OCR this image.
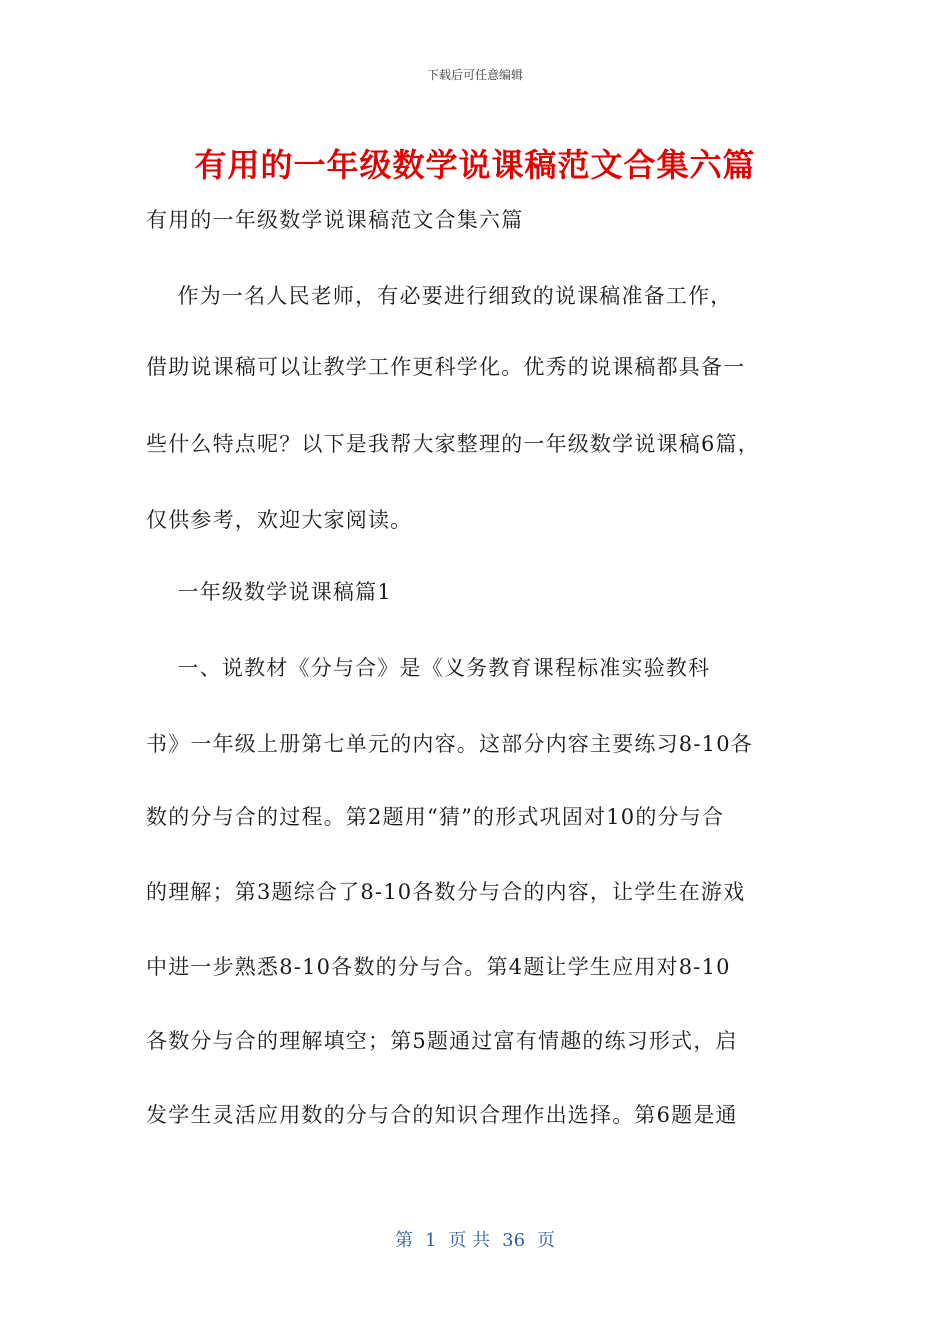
下载后可任意编辑
有用的一年级数学说课稿范文合集六篇
有用的一年级数学说课稿范文合集六篇
作为一名人民老师，有必要进行细致的说课稿准备工作，
借助说课稿可以让教学工作更科学化。优秀的说课稿都具备一
些什么特点呢？以下是我帮大家整理的一年级数学说课稿6篇，
仅供参考，欢迎大家阅读。
一年级数学说课稿篇1
一、说教材《分与合》是《义务教育课程标准实验教科
书》一年级上册第七单元的内容。这部分内容主要练习8-10各
数的分与合的过程。第2题用“猜”的形式巩固对10的分与合
的理解；第3题综合了8-10各数分与合的内容，让学生在游戏
中进一步熟悉8-10各数的分与合。第4题让学生应用对8-10
各数分与合的理解填空；第5题通过富有情趣的练习形式，启
发学生灵活应用数的分与合的知识合理作出选择。第6题是通
第 1 页 共 36 页
